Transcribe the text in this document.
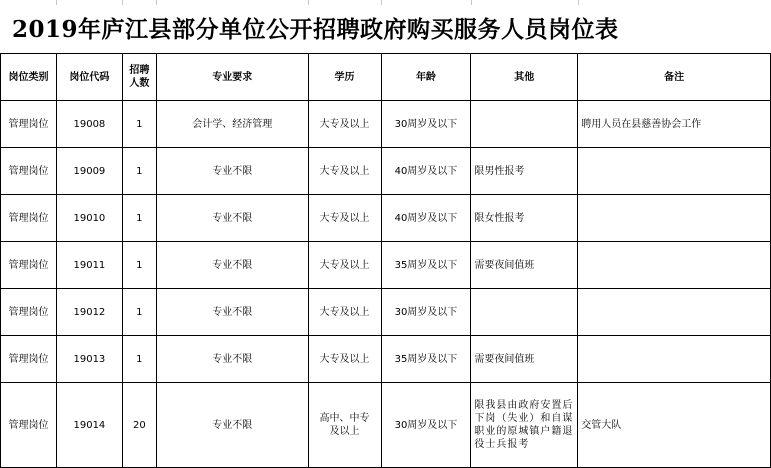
2019年庐江县部分单位公开招聘政府购买服务人员岗位表
岗位类别	岗位代码	招聘人数	专业要求	学历	年龄	其他	备注
管理岗位	19008	1	会计学、经济管理	大专及以上	30周岁及以下		聘用人员在县慈善协会工作
管理岗位	19009	1	专业不限	大专及以上	40周岁及以下	限男性报考	
管理岗位	19010	1	专业不限	大专及以上	40周岁及以下	限女性报考	
管理岗位	19011	1	专业不限	大专及以上	35周岁及以下	需要夜间值班	
管理岗位	19012	1	专业不限	大专及以上	30周岁及以下		
管理岗位	19013	1	专业不限	大专及以上	35周岁及以下	需要夜间值班	
管理岗位	19014	20	专业不限	高中、中专及以上	30周岁及以下	限我县由政府安置后下岗（失业）和自谋职业的原城镇户籍退役士兵报考	交管大队
